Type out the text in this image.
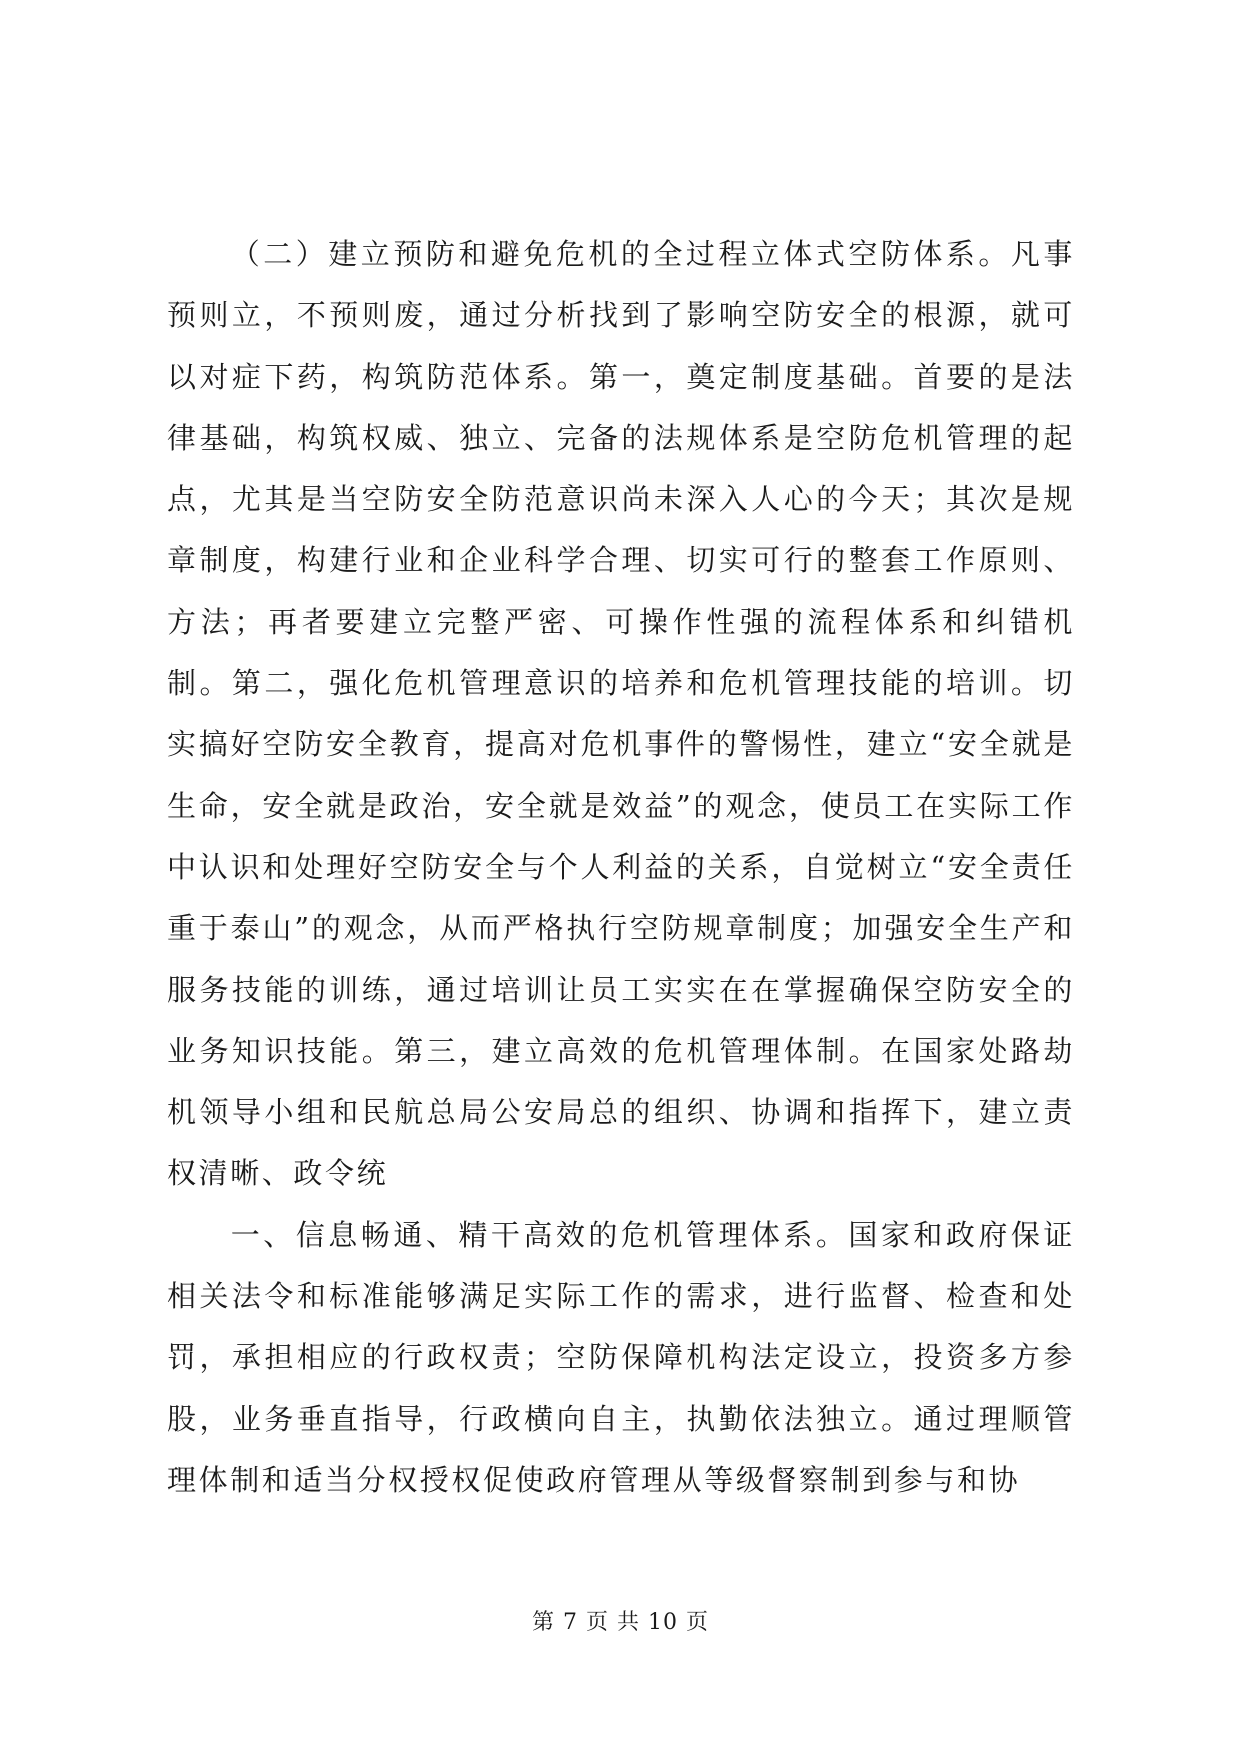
（二）建立预防和避免危机的全过程立体式空防体系。凡事预则立，不预则废，通过分析找到了影响空防安全的根源，就可以对症下药，构筑防范体系。第一，奠定制度基础。首要的是法律基础，构筑权威、独立、完备的法规体系是空防危机管理的起点，尤其是当空防安全防范意识尚未深入人心的今天；其次是规章制度，构建行业和企业科学合理、切实可行的整套工作原则、方法；再者要建立完整严密、可操作性强的流程体系和纠错机制。第二，强化危机管理意识的培养和危机管理技能的培训。切实搞好空防安全教育，提高对危机事件的警惕性，建立“安全就是生命，安全就是政治，安全就是效益”的观念，使员工在实际工作中认识和处理好空防安全与个人利益的关系，自觉树立“安全责任重于泰山”的观念，从而严格执行空防规章制度；加强安全生产和服务技能的训练，通过培训让员工实实在在掌握确保空防安全的业务知识技能。第三，建立高效的危机管理体制。在国家处路劫机领导小组和民航总局公安局总的组织、协调和指挥下，建立责权清晰、政令统

一、信息畅通、精干高效的危机管理体系。国家和政府保证相关法令和标准能够满足实际工作的需求，进行监督、检查和处罚，承担相应的行政权责；空防保障机构法定设立，投资多方参股，业务垂直指导，行政横向自主，执勤依法独立。通过理顺管理体制和适当分权授权促使政府管理从等级督察制到参与和协

第 7 页 共 10 页
